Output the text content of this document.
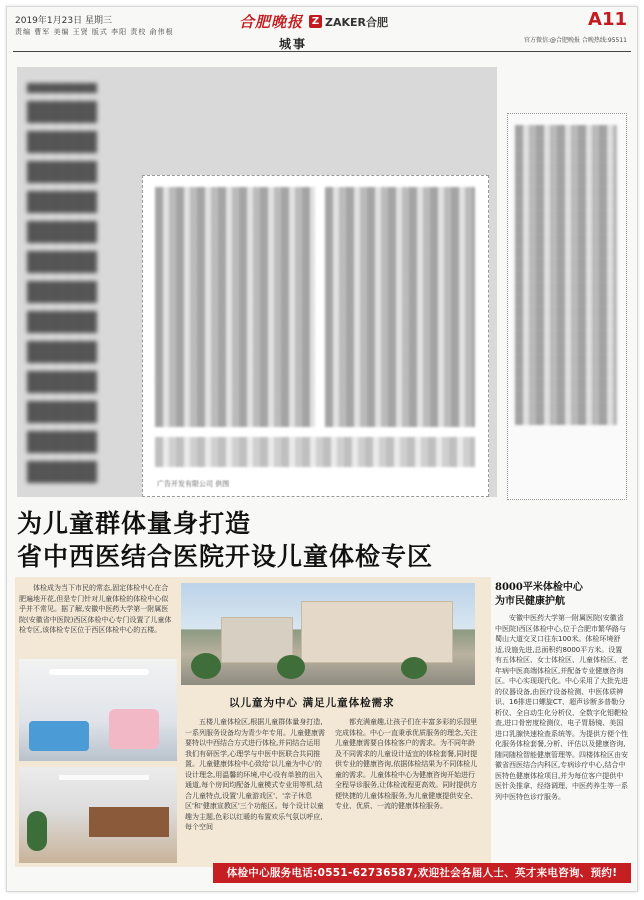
2019年1月23日 星期三
责编 曹军 美编 王贤 版式 李阳 责校 俞伟根
合肥晚报 Z ZAKER合肥
城事
A11
官方微信:@合肥晚报 合晚热线:95511
广告开发有限公司 供图
为儿童群体量身打造
省中西医结合医院开设儿童体检专区
体检成为当下市民的常态,固定体检中心在合肥遍地开花,但是专门针对儿童体检的体检中心似乎并不常见。据了解,安徽中医药大学第一附属医院(安徽省中医院)西区体检中心专门设置了儿童体检专区,该体检专区位于西区体检中心的五楼。
以儿童为中心 满足儿童体检需求
五楼儿童体检区,根据儿童群体量身打造,一系列服务设备均为青少年专用。儿童健康需要特以中西结合方式进行体检,并同结合运用我们有研医学,心理学与中医中医联合共同推置。儿童健康体检中心致给'以儿童为中心'的设计理念,用温馨的环境,中心设有单独的出入通道,每个房间均配备儿童模式专业用等机,结合儿童特点,设置'儿童游戏区'、'亲子休息区'和'健康宣教区'三个功能区。每个设计以童趣为主题,色彩以红暖的布置欢乐气氛以呼应,每个空间
都充满童趣,让孩子们在丰富多彩的乐园里完成体检。中心一直秉承优质服务的理念,关注儿童健康需要自体检客户的需求。为不同年龄及不同需求的儿童设计适宜的体检套餐,同时提供专业的健康咨询,依据体检结果为不同体检儿童的需求。儿童体检中心为健康咨询开始进行全程导诊服务,让体检流程更高效。同时提供方便快捷的儿童体检服务,为儿童健康提供安全、专业、优质、一流的健康体检服务。
8000平米体检中心
为市民健康护航
安徽中医药大学第一附属医院(安徽省中医院)西区体检中心,位于合肥市繁华路与蜀山大道交叉口往东100米。体检环境舒适,设施先进,总面积约8000平方米。设置有五体检区、女士体检区、儿童体检区、老年病中医高端体检区,并配备专业健康咨询区。中心实现现代化。中心采用了大批先进的仪器设备,由医疗设备检测、中医体质辨识、16排进口螺旋CT、超声诊断多普勒分析仪、全自动生化分析仪、全数字化钼靶检查,进口骨密度检测仪、电子胃肠镜、美国进口乳腺快速检查系统等。为提供方便个性化服务体检套餐,分析、评估以及健康咨询,随同随检智能健康管理等。四楼体检区由安徽省西医结合内科区,专病诊疗中心,结合中医特色健康体检项目,并为每位客户提供中医针灸推拿、经络调理、中医药养生等一系列中医特色诊疗服务。
体检中心服务电话:0551-62736587,欢迎社会各届人士、英才来电咨询、预约!
